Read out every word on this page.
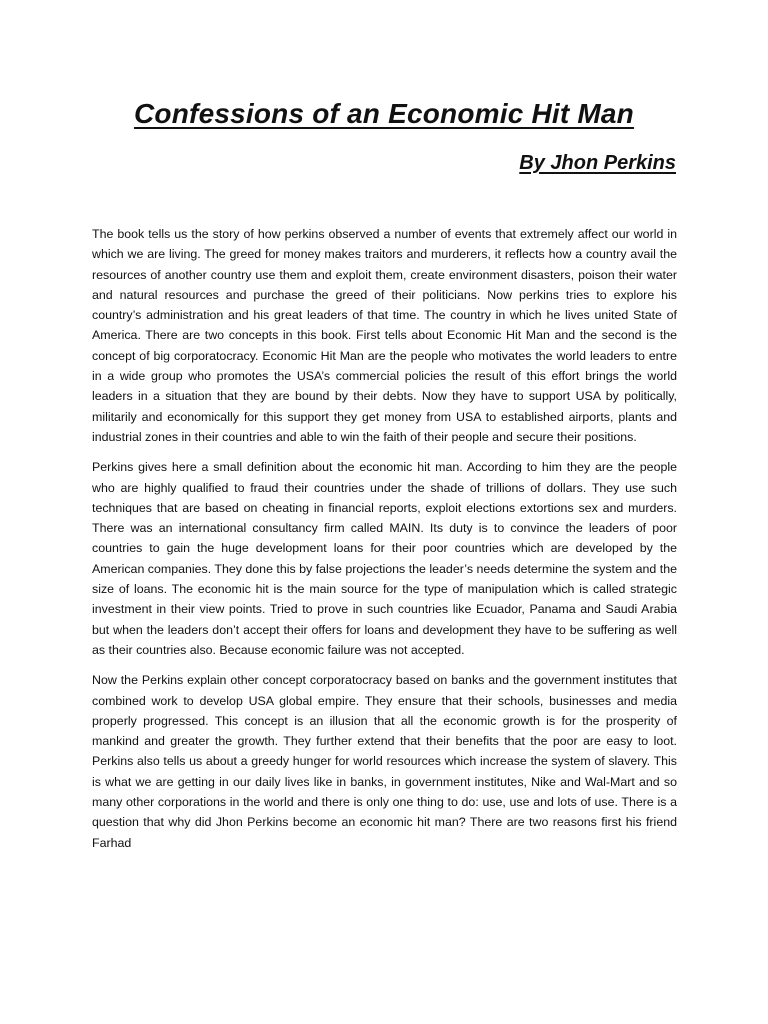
Confessions of an Economic Hit Man
By Jhon Perkins

The book tells us the story of how perkins observed a number of events that extremely affect our world in which we are living. The greed for money makes traitors and murderers, it reflects how a country avail the resources of another country use them and exploit them, create environment disasters, poison their water and natural resources and purchase the greed of their politicians. Now perkins tries to explore his country’s administration and his great leaders of that time. The country in which he lives united State of America. There are two concepts in this book. First tells about Economic Hit Man and the second is the concept of big corporatocracy. Economic Hit Man are the people who motivates the world leaders to entre in a wide group who promotes the USA’s commercial policies the result of this effort brings the world leaders in a situation that they are bound by their debts. Now they have to support USA by politically, militarily and economically for this support they get money from USA to established airports, plants and industrial zones in their countries and able to win the faith of their people and secure their positions.

Perkins gives here a small definition about the economic hit man. According to him they are the people who are highly qualified to fraud their countries under the shade of trillions of dollars. They use such techniques that are based on cheating in financial reports, exploit elections extortions sex and murders. There was an international consultancy firm called MAIN. Its duty is to convince the leaders of poor countries to gain the huge development loans for their poor countries which are developed by the American companies. They done this by false projections the leader’s needs determine the system and the size of loans. The economic hit is the main source for the type of manipulation which is called strategic investment in their view points. Tried to prove in such countries like Ecuador, Panama and Saudi Arabia but when the leaders don’t accept their offers for loans and development they have to be suffering as well as their countries also. Because economic failure was not accepted.

Now the Perkins explain other concept corporatocracy based on banks and the government institutes that combined work to develop USA global empire. They ensure that their schools, businesses and media properly progressed. This concept is an illusion that all the economic growth is for the prosperity of mankind and greater the growth. They further extend that their benefits that the poor are easy to loot. Perkins also tells us about a greedy hunger for world resources which increase the system of slavery. This is what we are getting in our daily lives like in banks, in government institutes, Nike and Wal-Mart and so many other corporations in the world and there is only one thing to do: use, use and lots of use. There is a question that why did Jhon Perkins become an economic hit man? There are two reasons first his friend Farhad
